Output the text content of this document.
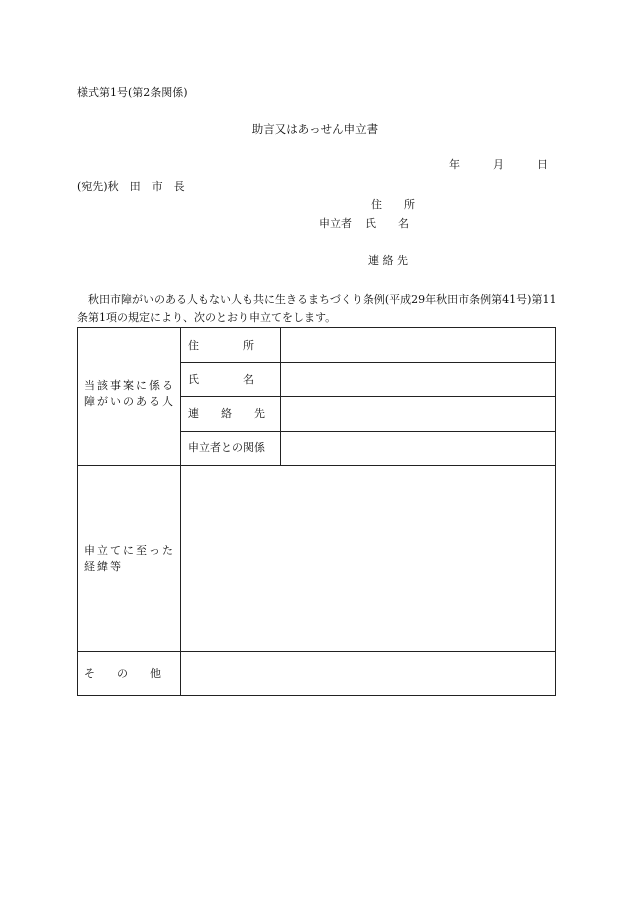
様式第1号(第2条関係)
助言又はあっせん申立書
年	月	日
(宛先)秋　田　市　長
住　　所
申立者 氏　　名
連 絡 先
秋田市障がいのある人もない人も共に生きるまちづくり条例(平成29年秋田市条例第41号)第11条第1項の規定により、次のとおり申立てをします。
当該事案に係る
障がいのある人
住　　　　所
氏　　　　名
連　　絡　　先
申立者との関係
申立てに至った
経緯等
そ　　の　　他
